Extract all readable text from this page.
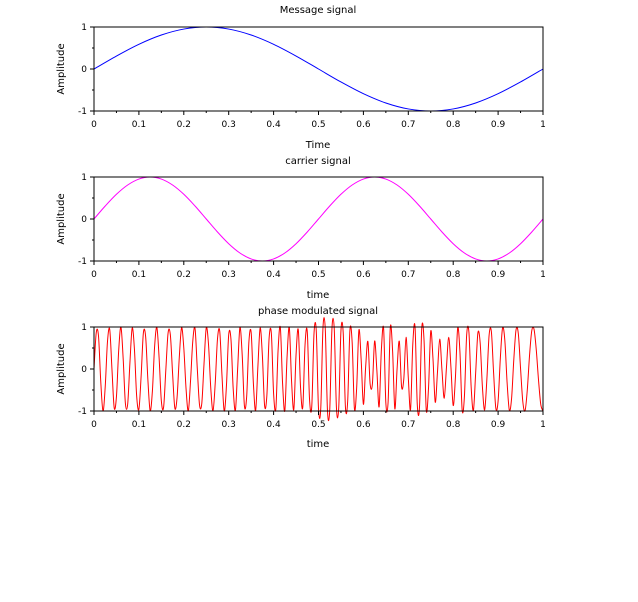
Message signal
0	0.1	0.2	0.3	0.4	0.5	0.6	0.7	0.8	0.9	1
-1
0
1
Time
Amplitude
carrier signal
0	0.1	0.2	0.3	0.4	0.5	0.6	0.7	0.8	0.9	1
-1
0
1
time
Amplitude
phase modulated signal
0	0.1	0.2	0.3	0.4	0.5	0.6	0.7	0.8	0.9	1
-1
0
1
time
Amplitude
